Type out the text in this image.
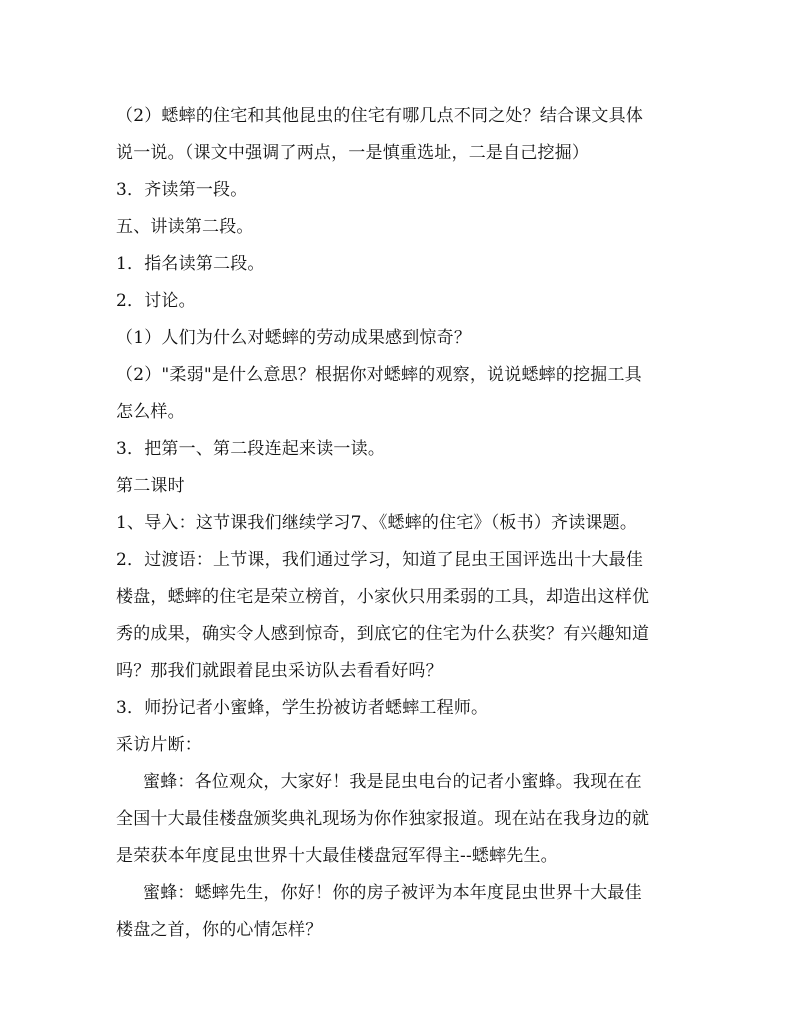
（2）蟋蟀的住宅和其他昆虫的住宅有哪几点不同之处？结合课文具体
说一说。（课文中强调了两点，一是慎重选址，二是自己挖掘）
3．齐读第一段。
五、讲读第二段。
1．指名读第二段。
2．讨论。
（1）人们为什么对蟋蟀的劳动成果感到惊奇？
（2）"柔弱"是什么意思？根据你对蟋蟀的观察，说说蟋蟀的挖掘工具
怎么样。
3．把第一、第二段连起来读一读。
第二课时
1、导入：这节课我们继续学习7、《蟋蟀的住宅》（板书）齐读课题。
2．过渡语：上节课，我们通过学习，知道了昆虫王国评选出十大最佳
楼盘，蟋蟀的住宅是荣立榜首，小家伙只用柔弱的工具，却造出这样优
秀的成果，确实令人感到惊奇，到底它的住宅为什么获奖？有兴趣知道
吗？那我们就跟着昆虫采访队去看看好吗？
3．师扮记者小蜜蜂，学生扮被访者蟋蟀工程师。
采访片断：
蜜蜂：各位观众，大家好！我是昆虫电台的记者小蜜蜂。我现在在
全国十大最佳楼盘颁奖典礼现场为你作独家报道。现在站在我身边的就
是荣获本年度昆虫世界十大最佳楼盘冠军得主--蟋蟀先生。
蜜蜂：蟋蟀先生，你好！你的房子被评为本年度昆虫世界十大最佳
楼盘之首，你的心情怎样？
